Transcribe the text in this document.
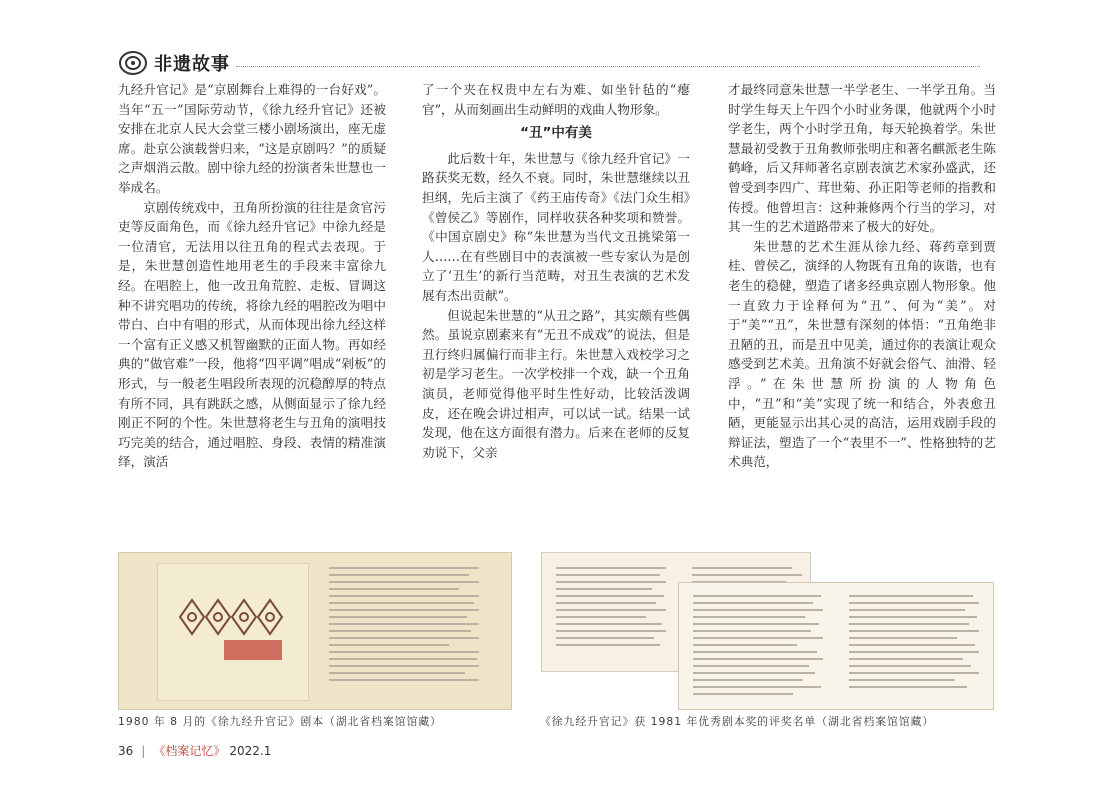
非遗故事

九经升官记》是“京剧舞台上难得的一台好戏”。当年“五一”国际劳动节，《徐九经升官记》还被安排在北京人民大会堂三楼小剧场演出，座无虚席。赴京公演载誉归来，“这是京剧吗？”的质疑之声烟消云散。剧中徐九经的扮演者朱世慧也一举成名。

京剧传统戏中，丑角所扮演的往往是贪官污吏等反面角色，而《徐九经升官记》中徐九经是一位清官，无法用以往丑角的程式去表现。于是，朱世慧创造性地用老生的手段来丰富徐九经。在唱腔上，他一改丑角荒腔、走板、冒调这种不讲究唱功的传统，将徐九经的唱腔改为唱中带白、白中有唱的形式，从而体现出徐九经这样一个富有正义感又机智幽默的正面人物。再如经典的“做官难”一段，他将“四平调”唱成“剁板”的形式，与一般老生唱段所表现的沉稳醇厚的特点有所不同，具有跳跃之感，从侧面显示了徐九经刚正不阿的个性。朱世慧将老生与丑角的演唱技巧完美的结合，通过唱腔、身段、表情的精准演绎，演活

了一个夹在权贵中左右为难、如坐针毡的“瘪官”，从而刻画出生动鲜明的戏曲人物形象。

“丑”中有美

此后数十年，朱世慧与《徐九经升官记》一路获奖无数，经久不衰。同时，朱世慧继续以丑担纲，先后主演了《药王庙传奇》《法门众生相》《曾侯乙》等剧作，同样收获各种奖项和赞誉。《中国京剧史》称“朱世慧为当代文丑挑梁第一人……在有些剧目中的表演被一些专家认为是创立了‘丑生’的新行当范畴，对丑生表演的艺术发展有杰出贡献”。

但说起朱世慧的“从丑之路”，其实颇有些偶然。虽说京剧素来有“无丑不成戏”的说法，但是丑行终归属偏行而非主行。朱世慧入戏校学习之初是学习老生。一次学校排一个戏，缺一个丑角演员，老师觉得他平时生性好动，比较活泼调皮，还在晚会讲过相声，可以试一试。结果一试发现，他在这方面很有潜力。后来在老师的反复劝说下，父亲

才最终同意朱世慧一半学老生、一半学丑角。当时学生每天上午四个小时业务课，他就两个小时学老生，两个小时学丑角，每天轮换着学。朱世慧最初受教于丑角教师张明庄和著名麒派老生陈鹤峰，后又拜师著名京剧表演艺术家孙盛武，还曾受到李四广、茸世菊、孙正阳等老师的指教和传授。他曾坦言：这种兼修两个行当的学习，对其一生的艺术道路带来了极大的好处。

朱世慧的艺术生涯从徐九经、蒋药章到贾桂、曾侯乙，演绎的人物既有丑角的诙谐，也有老生的稳健，塑造了诸多经典京剧人物形象。他一直致力于诠释何为“丑”、何为“美”。对于“美”“丑”，朱世慧有深刻的体悟：“丑角绝非丑陋的丑，而是丑中见美，通过你的表演让观众感受到艺术美。丑角演不好就会俗气、油滑、轻浮。”在朱世慧所扮演的人物角色中，“丑”和“美”实现了统一和结合，外表愈丑陋，更能显示出其心灵的高洁，运用戏剧手段的辩证法，塑造了一个“表里不一”、性格独特的艺术典范，

1980 年 8 月的《徐九经升官记》剧本（湖北省档案馆馆藏）	《徐九经升官记》获 1981 年优秀剧本奖的评奖名单（湖北省档案馆馆藏）
36 | 《档案记忆》 2022.1
